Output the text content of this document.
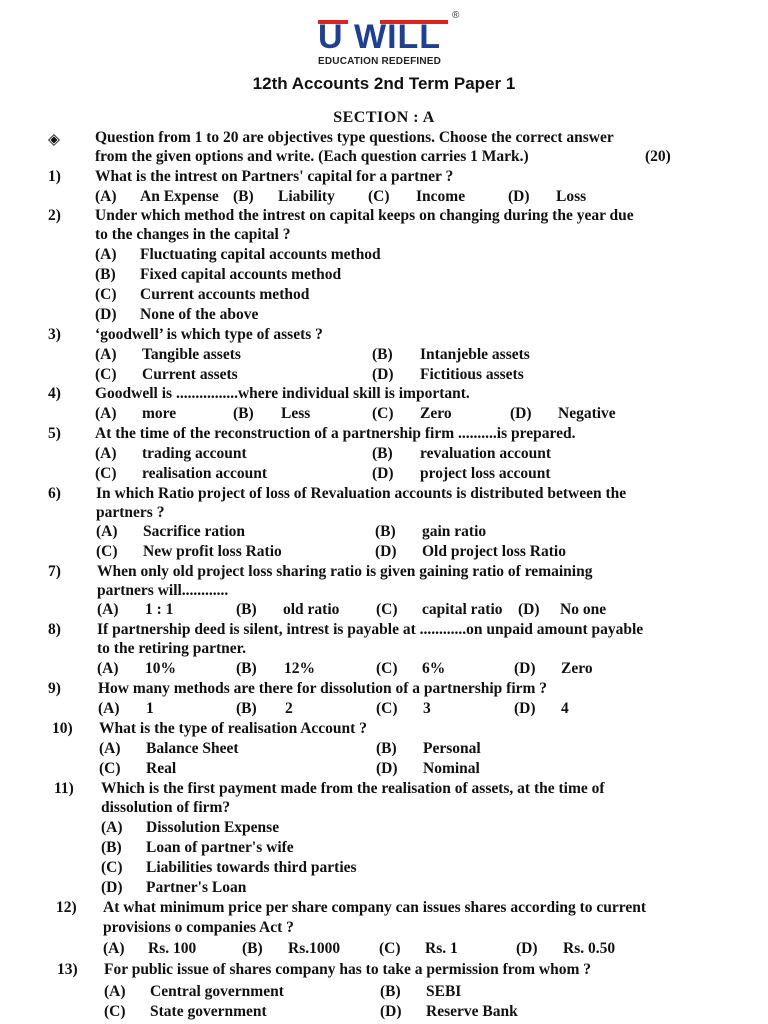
U WILL
®
EDUCATION REDEFINED
12th Accounts 2nd Term Paper 1
SECTION : A
◈ Question from 1 to 20 are objectives type questions. Choose the correct answer
from the given options and write. (Each question carries 1 Mark.)	(20)
1) What is the intrest on Partners' capital for a partner ?
(A) An Expense (B) Liability (C) Income	(D) Loss
2) Under which method the intrest on capital keeps on changing during the year due
to the changes in the capital ?
(A) Fluctuating capital accounts method
(B) Fixed capital accounts method
(C) Current accounts method
(D) None of the above
3) ‘goodwell’ is which type of assets ?
(A) Tangible assets	(B) Intanjeble assets
(C) Current assets	(D) Fictitious assets
4) Goodwell is ................where individual skill is important.
(A) more	(B) Less	(C) Zero	(D) Negative
5) At the time of the reconstruction of a partnership firm ..........is prepared.
(A) trading account	(B) revaluation account
(C) realisation account	(D) project loss account
6) In which Ratio project of loss of Revaluation accounts is distributed between the
partners ?
(A) Sacrifice ration	(B) gain ratio
(C) New profit loss Ratio	(D) Old project loss Ratio
7) When only old project loss sharing ratio is given gaining ratio of remaining
partners will............
(A) 1 : 1	(B) old ratio (C) capital ratio (D) No one
8) If partnership deed is silent, intrest is payable at ............on unpaid amount payable
to the retiring partner.
(A) 10%	(B) 12%	(C) 6%	(D) Zero
9) How many methods are there for dissolution of a partnership firm ?
(A) 1	(B) 2	(C) 3	(D) 4
10) What is the type of realisation Account ?
(A) Balance Sheet	(B) Personal
(C) Real	(D) Nominal
11) Which is the first payment made from the realisation of assets, at the time of
dissolution of firm?
(A) Dissolution Expense
(B) Loan of partner's wife
(C) Liabilities towards third parties
(D) Partner's Loan
12) At what minimum price per share company can issues shares according to current
provisions o companies Act ?
(A) Rs. 100	(B) Rs.1000	(C) Rs. 1	(D) Rs. 0.50
13) For public issue of shares company has to take a permission from whom ?
(A) Central government	(B) SEBI
(C) State government	(D) Reserve Bank
